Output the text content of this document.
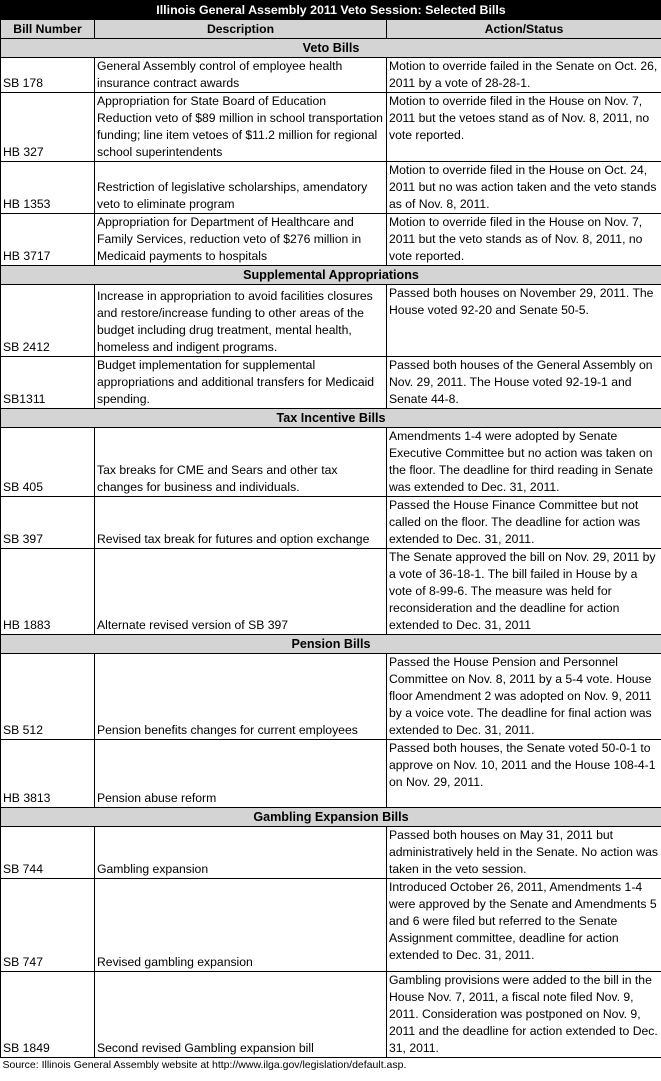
Illinois General Assembly 2011 Veto Session: Selected Bills		
Bill Number	Description	Action/Status
Veto Bills		
SB 178	General Assembly control of employee health insurance contract awards	Motion to override failed in the Senate on Oct. 26, 2011 by a vote of 28-28-1.
HB 327	Appropriation for State Board of Education Reduction veto of $89 million in school transportation funding; line item vetoes of $11.2 million for regional school superintendents	Motion to override filed in the House on Nov. 7, 2011 but the vetoes stand as of Nov. 8, 2011, no vote reported.
HB 1353	Restriction of legislative scholarships, amendatory veto to eliminate program	Motion to override filed in the House on Oct. 24, 2011 but no was action taken and the veto stands as of Nov. 8, 2011.
HB 3717	Appropriation for Department of Healthcare and Family Services, reduction veto of $276 million in Medicaid payments to hospitals	Motion to override filed in the House on Nov. 7, 2011 but the veto stands as of Nov. 8, 2011, no vote reported.
Supplemental Appropriations		
SB 2412	Increase in appropriation to avoid facilities closures and restore/increase funding to other areas of the budget including drug treatment, mental health, homeless and indigent programs.	Passed both houses on November 29, 2011. The House voted 92-20 and Senate 50-5.
SB1311	Budget implementation for supplemental appropriations and additional transfers for Medicaid spending.	Passed both houses of the General Assembly on Nov. 29, 2011. The House voted 92-19-1 and Senate 44-8.
Tax Incentive Bills		
SB 405	Tax breaks for CME and Sears and other tax changes for business and individuals.	Amendments 1-4 were adopted by Senate Executive Committee but no action was taken on the floor. The deadline for third reading in Senate was extended to Dec. 31, 2011.
SB 397	Revised tax break for futures and option exchange	Passed the House Finance Committee but not called on the floor. The deadline for action was extended to Dec. 31, 2011.
HB 1883	Alternate revised version of SB 397	The Senate approved the bill on Nov. 29, 2011 by a vote of 36-18-1. The bill failed in House by a vote of 8-99-6. The measure was held for reconsideration and the deadline for action extended to Dec. 31, 2011
Pension Bills		
SB 512	Pension benefits changes for current employees	Passed the House Pension and Personnel Committee on Nov. 8, 2011 by a 5-4 vote. House floor Amendment 2 was adopted on Nov. 9, 2011 by a voice vote. The deadline for final action was extended to Dec. 31, 2011.
HB 3813	Pension abuse reform	Passed both houses, the Senate voted 50-0-1 to approve on Nov. 10, 2011 and the House 108-4-1 on Nov. 29, 2011.
Gambling Expansion Bills		
SB 744	Gambling expansion	Passed both houses on May 31, 2011 but administratively held in the Senate. No action was taken in the veto session.
SB 747	Revised gambling expansion	Introduced October 26, 2011, Amendments 1-4 were approved by the Senate and Amendments 5 and 6 were filed but referred to the Senate Assignment committee, deadline for action extended to Dec. 31, 2011.
SB 1849	Second revised Gambling expansion bill	Gambling provisions were added to the bill in the House Nov. 7, 2011, a fiscal note filed Nov. 9, 2011. Consideration was postponed on Nov. 9, 2011 and the deadline for action extended to Dec. 31, 2011.
Source: Illinois General Assembly website at http://www.ilga.gov/legislation/default.asp.		
